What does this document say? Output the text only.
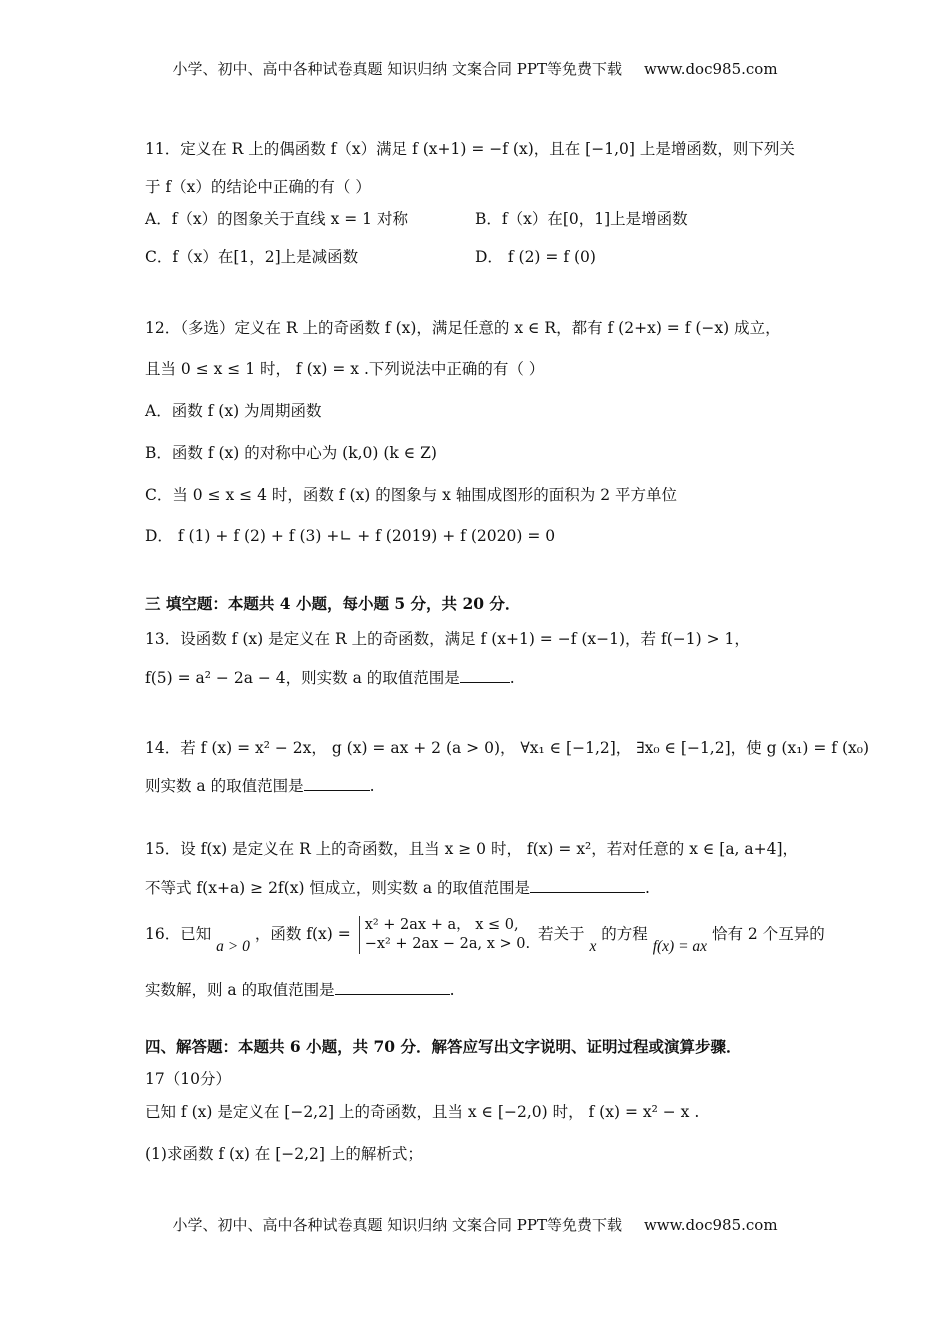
小学、初中、高中各种试卷真题 知识归纳 文案合同 PPT等免费下载 www.doc985.com
11．定义在 R 上的偶函数 f（x）满足 f (x+1) = −f (x)，且在 [−1,0] 上是增函数，则下列关
于 f（x）的结论中正确的有（ ）
A．f（x）的图象关于直线 x = 1 对称	B．f（x）在[0，1]上是增函数
C．f（x）在[1，2]上是减函数	D． f (2) = f (0)
12．（多选）定义在 R 上的奇函数 f (x)，满足任意的 x ∈ R，都有 f (2+x) = f (−x) 成立，
且当 0 ≤ x ≤ 1 时， f (x) = x .下列说法中正确的有（ ）
A．函数 f (x) 为周期函数
B．函数 f (x) 的对称中心为 (k,0) (k ∈ Z)
C．当 0 ≤ x ≤ 4 时，函数 f (x) 的图象与 x 轴围成图形的面积为 2 平方单位
D． f (1) + f (2) + f (3) +∟ + f (2019) + f (2020) = 0
三 填空题：本题共 4 小题，每小题 5 分，共 20 分．
13．设函数 f (x) 是定义在 R 上的奇函数，满足 f (x+1) = −f (x−1)，若 f(−1) > 1，
f(5) = a² − 2a − 4，则实数 a 的取值范围是	.
14．若 f (x) = x² − 2x， g (x) = ax + 2 (a > 0)， ∀x₁ ∈ [−1,2]， ∃x₀ ∈ [−1,2]，使 g (x₁) = f (x₀)
则实数 a 的取值范围是	.
15．设 f(x) 是定义在 R 上的奇函数，且当 x ≥ 0 时， f(x) = x²，若对任意的 x ∈ [a, a+4]，
不等式 f(x+a) ≥ 2f(x) 恒成立，则实数 a 的取值范围是	.
16．已知 a > 0 ，函数 f(x) = x² + 2ax + a， x ≤ 0,
−x² + 2ax − 2a, x > 0.
若关于 x 的方程 f(x) = ax 恰有 2 个互异的
实数解，则 a 的取值范围是	.
四、解答题：本题共 6 小题，共 70 分．解答应写出文字说明、证明过程或演算步骤．
17（10分）
已知 f (x) 是定义在 [−2,2] 上的奇函数，且当 x ∈ [−2,0) 时， f (x) = x² − x .
(1)求函数 f (x) 在 [−2,2] 上的解析式；
小学、初中、高中各种试卷真题 知识归纳 文案合同 PPT等免费下载 www.doc985.com
